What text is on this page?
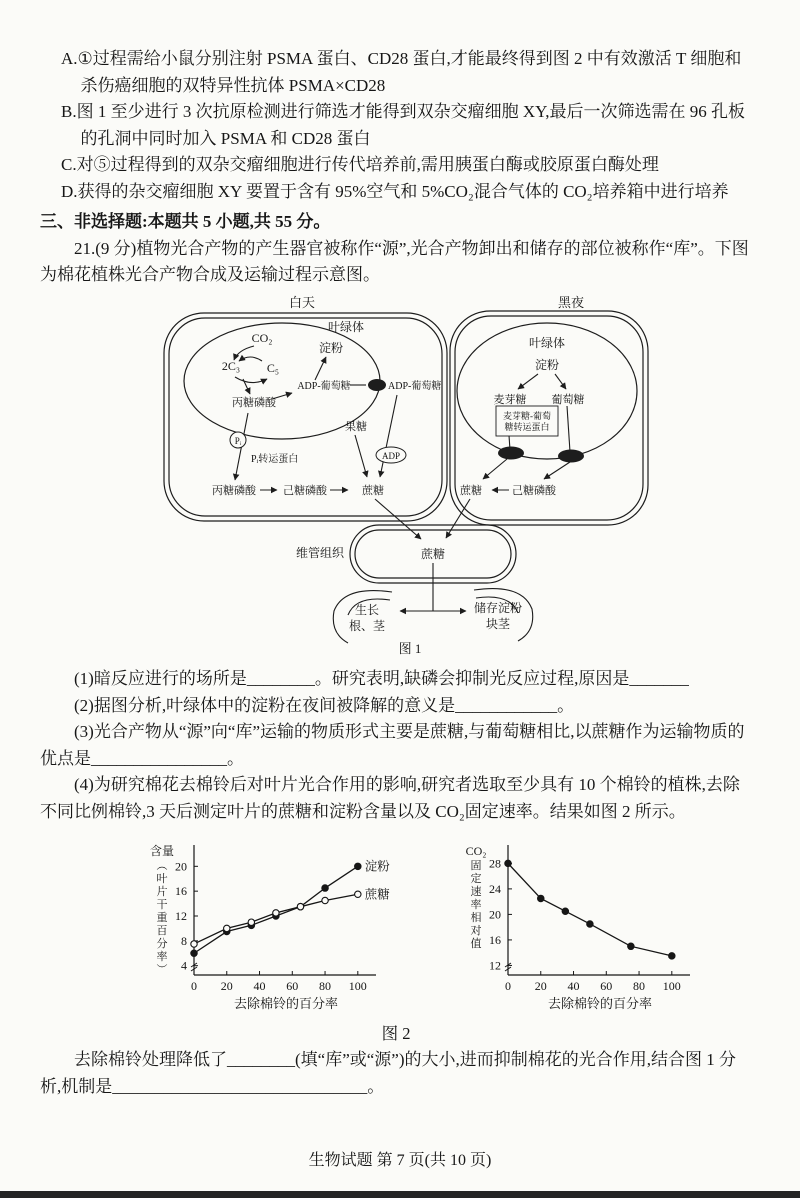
A.①过程需给小鼠分别注射 PSMA 蛋白、CD28 蛋白,才能最终得到图 2 中有效激活 T 细胞和杀伤癌细胞的双特异性抗体 PSMA×CD28

B.图 1 至少进行 3 次抗原检测进行筛选才能得到双杂交瘤细胞 XY,最后一次筛选需在 96 孔板的孔洞中同时加入 PSMA 和 CD28 蛋白

C.对⑤过程得到的双杂交瘤细胞进行传代培养前,需用胰蛋白酶或胶原蛋白酶处理

D.获得的杂交瘤细胞 XY 要置于含有 95%空气和 5%CO₂混合气体的 CO₂培养箱中进行培养

三、非选择题:本题共 5 小题,共 55 分。

21.(9 分)植物光合产物的产生器官被称作“源”,光合产物卸出和储存的部位被称作“库”。下图为棉花植株光合产物合成及运输过程示意图。

白天	黑夜
叶绿体
CO₂
2C₃ C₅
淀粉
ADP-葡萄糖	ADP-葡萄糖
丙糖磷酸
果糖
ADP
Pᵢ
Pᵢ转运蛋白
丙糖磷酸 己糖磷酸	蔗糖
麦芽糖-葡萄
糖转运蛋白
叶绿体
淀粉
麦芽糖 葡萄糖
蔗糖	己糖磷酸
维管组织	蔗糖
生长
根、茎
储存淀粉
块茎
图 1

(1)暗反应进行的场所是________。研究表明,缺磷会抑制光反应过程,原因是_______

(2)据图分析,叶绿体中的淀粉在夜间被降解的意义是____________。

(3)光合产物从“源”向“库”运输的物质形式主要是蔗糖,与葡萄糖相比,以蔗糖作为运输物质的优点是________________。

(4)为研究棉花去棉铃后对叶片光合作用的影响,研究者选取至少具有 10 个棉铃的植株,去除不同比例棉铃,3 天后测定叶片的蔗糖和淀粉含量以及 CO₂固定速率。结果如图 2 所示。

4
8
12
16
20
0 20 40 60 80 100
去除棉铃的百分率
含量
︵
叶
片
干
重
百
分
率
︶
淀粉
蔗糖
12
16
20
24
28
0 20 40 60 80 100
去除棉铃的百分率
CO₂
固
定
速
率
相
对
值

图 2

去除棉铃处理降低了________(填“库”或“源”)的大小,进而抑制棉花的光合作用,结合图 1 分析,机制是______________________________。

生物试题 第 7 页(共 10 页)
